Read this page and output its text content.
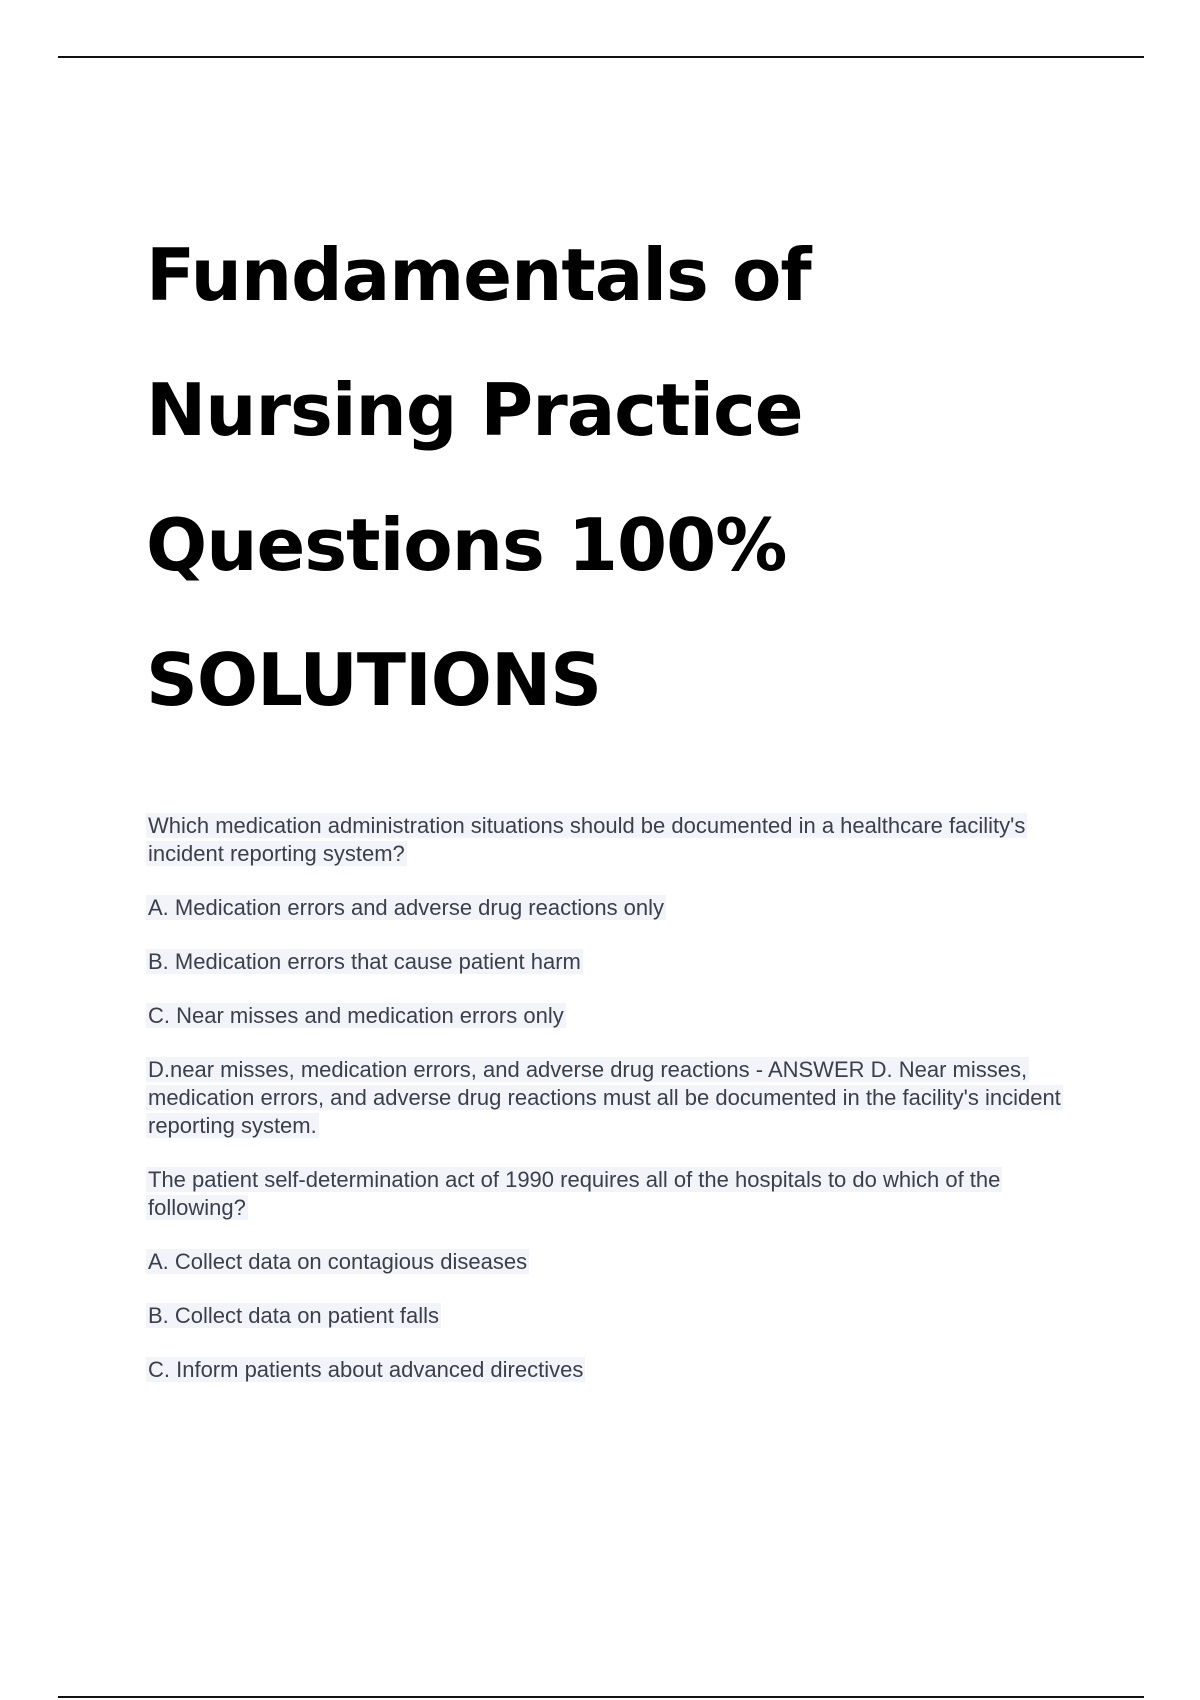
Fundamentals of
Nursing Practice
Questions 100%
SOLUTIONS

Which medication administration situations should be documented in a healthcare facility's incident reporting system?

A. Medication errors and adverse drug reactions only

B. Medication errors that cause patient harm

C. Near misses and medication errors only

D.near misses, medication errors, and adverse drug reactions - ANSWER D. Near misses, medication errors, and adverse drug reactions must all be documented in the facility's incident reporting system.

The patient self-determination act of 1990 requires all of the hospitals to do which of the following?

A. Collect data on contagious diseases

B. Collect data on patient falls

C. Inform patients about advanced directives
